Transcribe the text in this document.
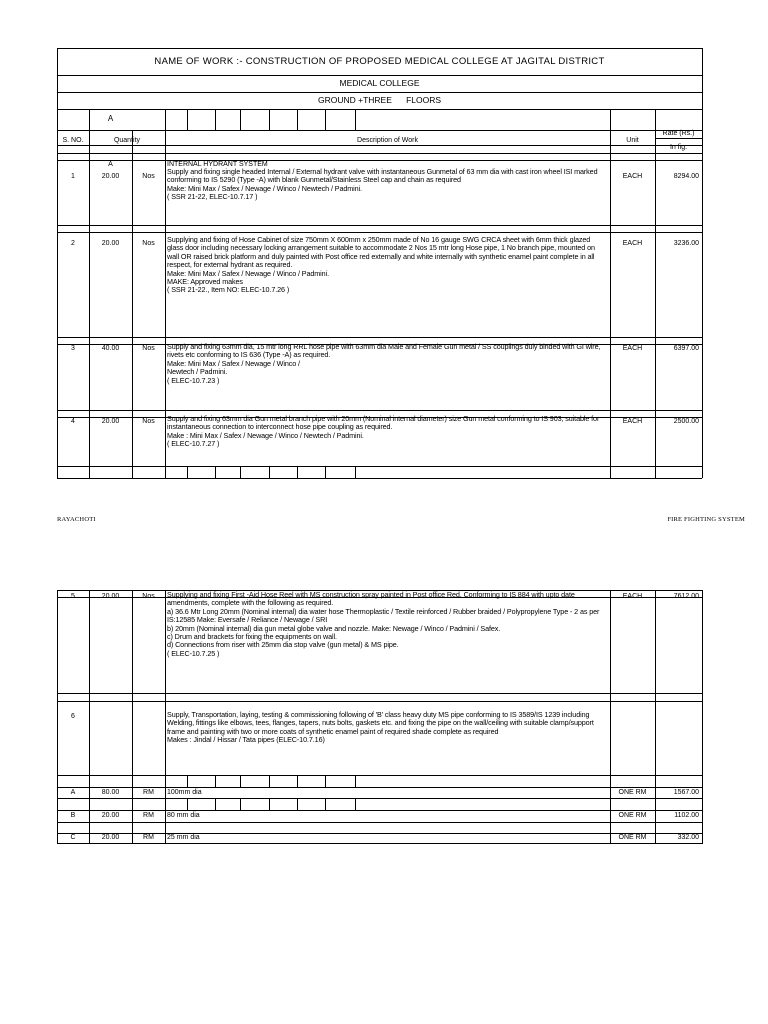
NAME OF WORK :- CONSTRUCTION OF PROPOSED MEDICAL COLLEGE AT JAGITAL DISTRICT
MEDICAL COLLEGE
GROUND +THREE      FLOORS
A
S. NO.	Quantity	Description of Work	Unit
Rate (Rs.)
In fig.
A	INTERNAL HYDRANT SYSTEM
1	20.00	Nos
Supply and fixing single headed Internal / External hydrant valve with instantaneous Gunmetal of 63 mm dia with cast iron wheel ISI marked conforming to IS 5290 (Type -A) with blank Gunmetal/Stainless Steel cap and chain as required
Make: Mini Max / Safex / Newage / Winco / Newtech / Padmini.
( SSR 21-22, ELEC-10.7.17 )
EACH	8294.00
2	20.00	Nos	Supplying and fixing of Hose Cabinet of size 750mm X 600mm x 250mm made of No 16 gauge SWG CRCA sheet with 6mm thick glazed glass door including necessary locking arrangement suitable to accommodate 2 Nos 15 mtr long Hose pipe, 1 No branch pipe, mounted on wall OR raised brick platform and duly painted with Post office red externally and white internally with synthetic enamel paint complete in all respect, for external hydrant as required.
Make: Mini Max / Safex / Newage / Winco / Padmini.
MAKE: Approved makes
( SSR 21-22., Item NO: ELEC-10.7.26 )
EACH	3236.00
3	40.00	Nos	Supply and fixing 63mm dia, 15 mtr long RRL hose pipe with 63mm dia Male and Female Gun metal / SS couplings duly binded with GI wire, rivets etc conforming to IS 636 (Type -A) as required.
Make: Mini Max / Safex / Newage / Winco /
Newtech / Padmini.
( ELEC-10.7.23 )
EACH	6397.00
4	20.00	Nos	Supply and fixing 63mm dia Gun metal branch pipe with 20mm (Nominal internal diameter) size Gun metal conforming to IS 903, suitable for instantaneous connection to interconnect hose pipe coupling as required.
Make : Mini Max / Safex / Newage / Winco / Newtech / Padmini.
( ELEC-10.7.27 )
EACH	2500.00
RAYACHOTI	FIRE FIGHTING SYSTEM
5	20.00	Nos	Supplying and fixing First -Aid Hose Reel with MS construction spray painted in Post office Red, Conforming to IS 884 with upto date amendments, complete with the following as required.
a) 36.6 Mtr Long 20mm (Nominal internal) dia water hose Thermoplastic / Textile reinforced / Rubber braided / Polypropylene Type - 2 as per IS:12585 Make: Eversafe / Reliance / Newage / SRI
b) 20mm (Nominal internal) dia gun metal globe valve and nozzle. Make: Newage / Winco / Padmini / Safex.
c) Drum and brackets for fixing the equipments on wall.
d) Connections from riser with 25mm dia stop valve (gun metal) & MS pipe.
( ELEC-10.7.25 )
EACH	7612.00
6	Supply, Transportation, laying, testing & commissioning following of 'B' class heavy duty MS pipe conforming to IS 3589/IS 1239 including Welding, fittings like elbows, tees, flanges, tapers, nuts bolts, gaskets etc. and fixing the pipe on the wall/ceiling with suitable clamp/support frame and painting with two or more coats of synthetic enamel paint of required shade complete as required
Makes : Jindal / Hissar / Tata pipes (ELEC-10.7.16)
A	80.00	RM	100mm dia	ONE RM	1567.00
B	20.00	RM	80 mm dia	ONE RM	1102.00
C	20.00	RM	25 mm dia	ONE RM	332.00
